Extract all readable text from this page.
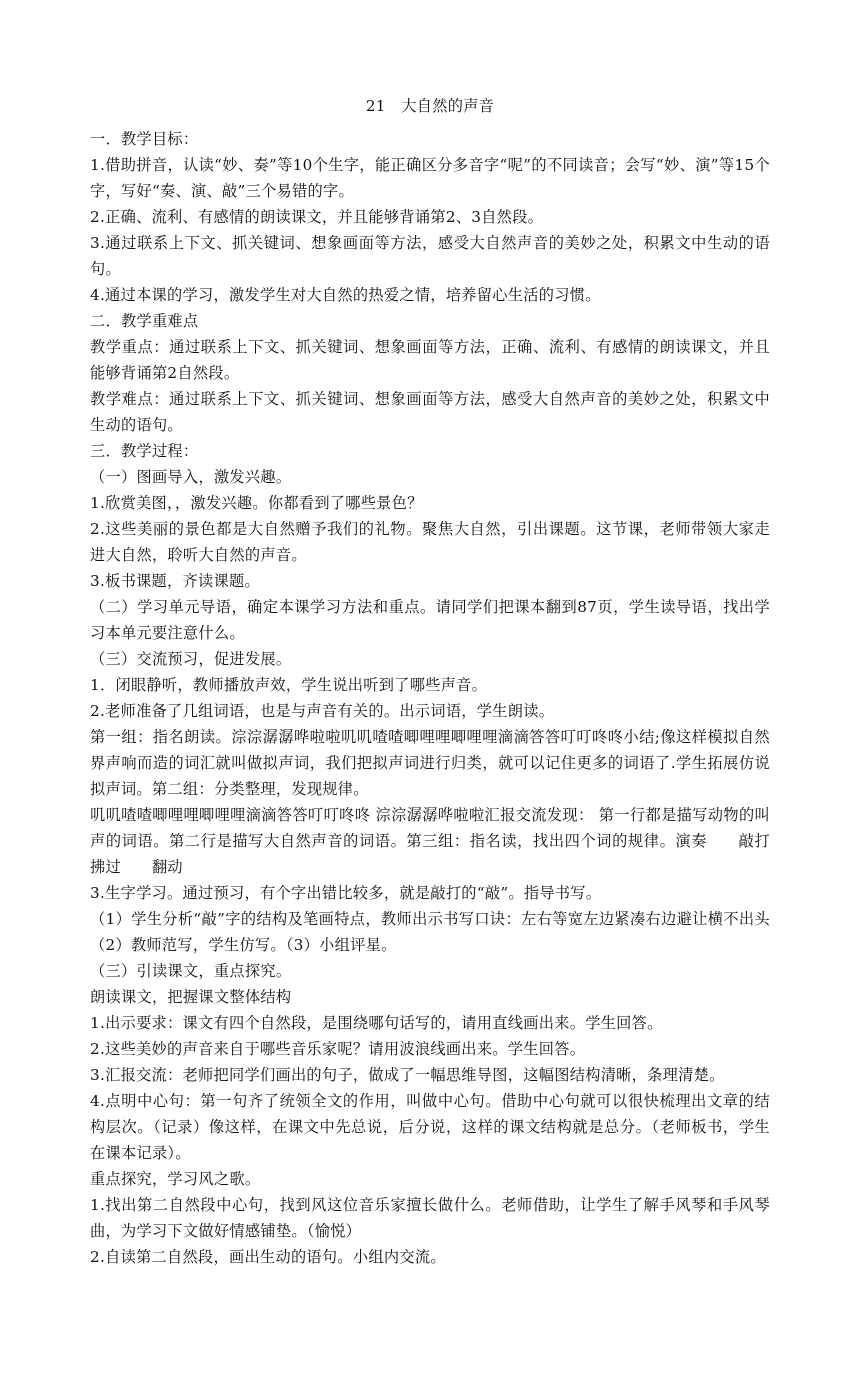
21　大自然的声音
一．教学目标：
1.借助拼音，认读“妙、奏”等10个生字，能正确区分多音字“呢”的不同读音；会写“妙、演”等15个字，写好“奏、演、敲”三个易错的字。
2.正确、流利、有感情的朗读课文，并且能够背诵第2、3自然段。
3.通过联系上下文、抓关键词、想象画面等方法，感受大自然声音的美妙之处，积累文中生动的语句。
4.通过本课的学习，激发学生对大自然的热爱之情，培养留心生活的习惯。
二．教学重难点
教学重点：通过联系上下文、抓关键词、想象画面等方法，正确、流利、有感情的朗读课文，并且能够背诵第2自然段。
教学难点：通过联系上下文、抓关键词、想象画面等方法，感受大自然声音的美妙之处，积累文中生动的语句。
三．教学过程：
（一）图画导入，激发兴趣。
1.欣赏美图，，激发兴趣。你都看到了哪些景色？
2.这些美丽的景色都是大自然赠予我们的礼物。聚焦大自然，引出课题。这节课，老师带领大家走进大自然，聆听大自然的声音。
3.板书课题，齐读课题。
（二）学习单元导语，确定本课学习方法和重点。请同学们把课本翻到87页，学生读导语，找出学习本单元要注意什么。
（三）交流预习，促进发展。
1．闭眼静听，教师播放声效，学生说出听到了哪些声音。
2.老师准备了几组词语，也是与声音有关的。出示词语，学生朗读。
第一组：指名朗读。淙淙潺潺哗啦啦叽叽喳喳唧哩哩唧哩哩滴滴答答叮叮咚咚小结;像这样模拟自然界声响而造的词汇就叫做拟声词，我们把拟声词进行归类，就可以记住更多的词语了.学生拓展仿说拟声词。第二组：分类整理，发现规律。
叽叽喳喳唧哩哩唧哩哩滴滴答答叮叮咚咚 淙淙潺潺哗啦啦汇报交流发现： 第一行都是描写动物的叫声的词语。第二行是描写大自然声音的词语。第三组：指名读，找出四个词的规律。演奏　　敲打拂过　　翻动
3.生字学习。通过预习，有个字出错比较多，就是敲打的“敲”。指导书写。
（1）学生分析“敲”字的结构及笔画特点，教师出示书写口诀：左右等宽左边紧凑右边避让横不出头（2）教师范写，学生仿写。（3）小组评星。
（三）引读课文，重点探究。
朗读课文，把握课文整体结构
1.出示要求：课文有四个自然段，是围绕哪句话写的，请用直线画出来。学生回答。
2.这些美妙的声音来自于哪些音乐家呢？请用波浪线画出来。学生回答。
3.汇报交流：老师把同学们画出的句子，做成了一幅思维导图，这幅图结构清晰，条理清楚。
4.点明中心句：第一句齐了统领全文的作用，叫做中心句。借助中心句就可以很快梳理出文章的结构层次。（记录）像这样，在课文中先总说，后分说，这样的课文结构就是总分。（老师板书，学生在课本记录）。
重点探究，学习风之歌。
1.找出第二自然段中心句，找到风这位音乐家擅长做什么。老师借助，让学生了解手风琴和手风琴曲，为学习下文做好情感铺垫。（愉悦）
2.自读第二自然段，画出生动的语句。小组内交流。
